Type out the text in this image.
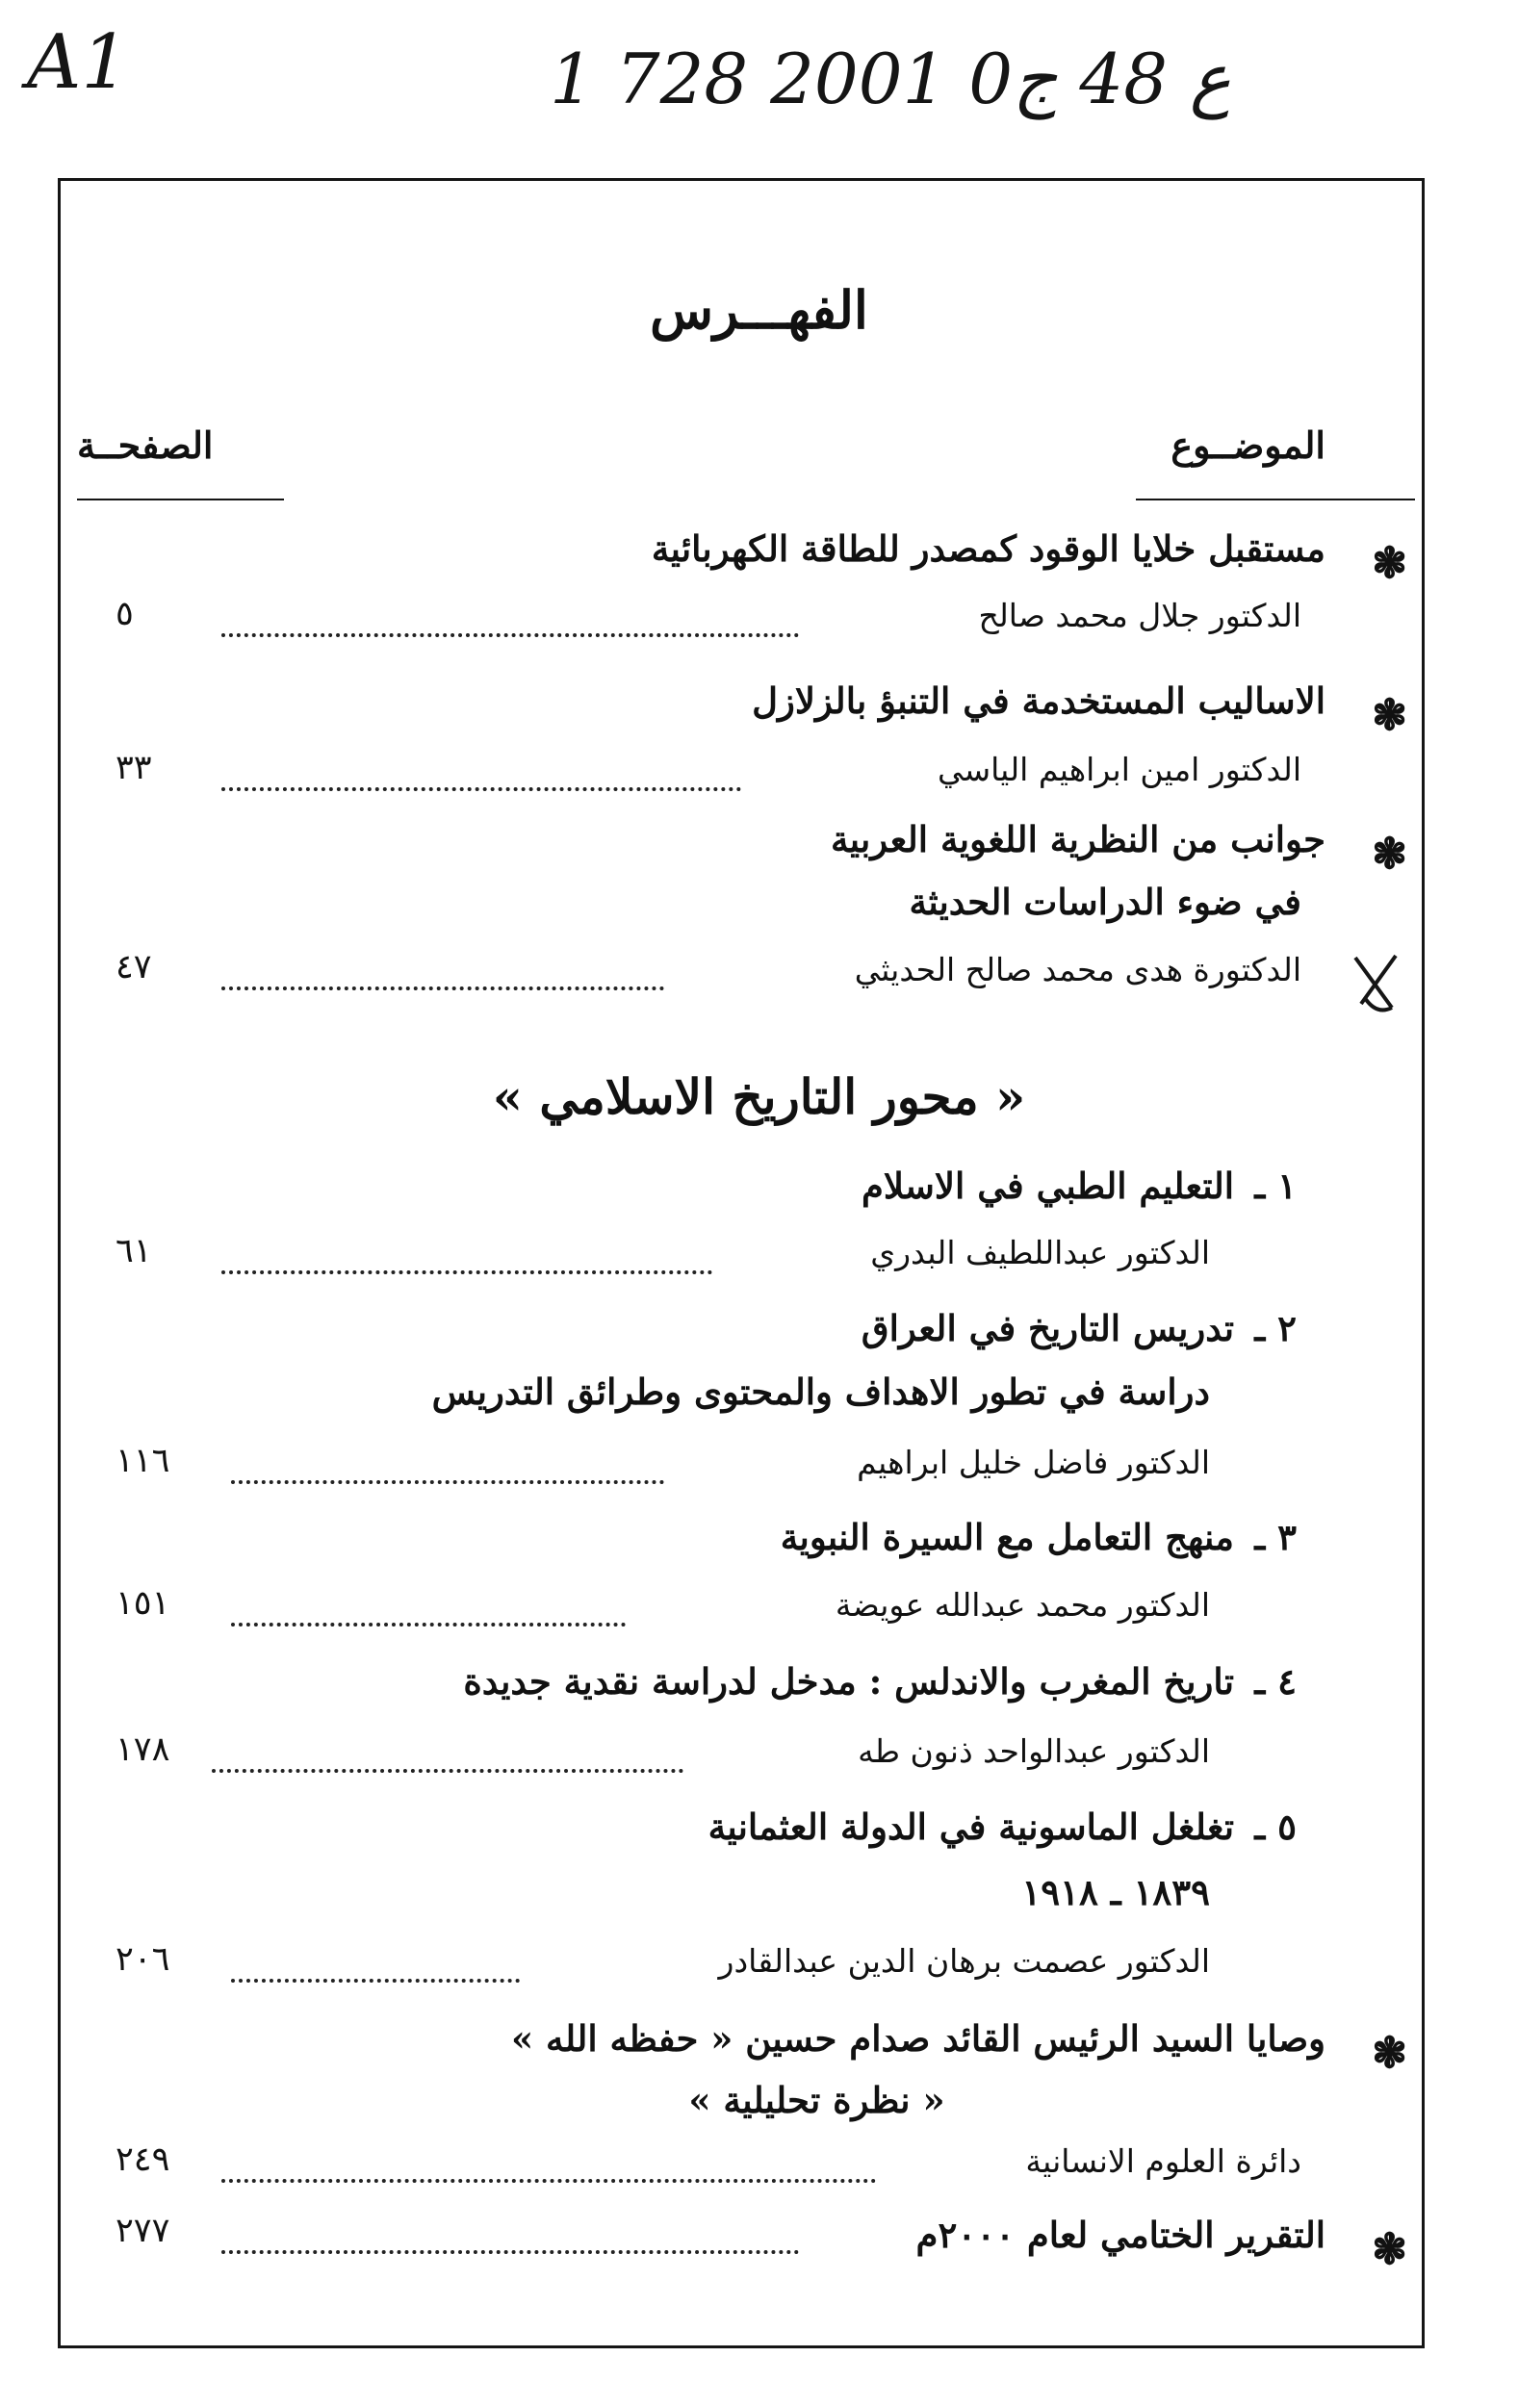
A1	1 ع 48 ج0 2001 728
الفهـــرس
الموضــوع
الصفحــة
❃
مستقبل خلايا الوقود كمصدر للطاقة الكهربائية
الدكتور جلال محمد صالح
٥
❃
الاساليب المستخدمة في التنبؤ بالزلازل
الدكتور امين ابراهيم الياسي
٣٣
❃
جوانب من النظرية اللغوية العربية
في ضوء الدراسات الحديثة
الدكتورة هدى محمد صالح الحديثي
٤٧
« محور التاريخ الاسلامي »
١ ـ
التعليم الطبي في الاسلام
الدكتور عبداللطيف البدري
٦١
٢ ـ
تدريس التاريخ في العراق
دراسة في تطور الاهداف والمحتوى وطرائق التدريس
الدكتور فاضل خليل ابراهيم
١١٦
٣ ـ
منهج التعامل مع السيرة النبوية
الدكتور محمد عبدالله عويضة
١٥١
٤ ـ
تاريخ المغرب والاندلس : مدخل لدراسة نقدية جديدة
الدكتور عبدالواحد ذنون طه
١٧٨
٥ ـ
تغلغل الماسونية في الدولة العثمانية
١٨٣٩ ـ ١٩١٨
الدكتور عصمت برهان الدين عبدالقادر
٢٠٦
❃
وصايا السيد الرئيس القائد صدام حسين « حفظه الله »
« نظرة تحليلية »
دائرة العلوم الانسانية
٢٤٩
❃
التقرير الختامي لعام ٢٠٠٠م
٢٧٧
